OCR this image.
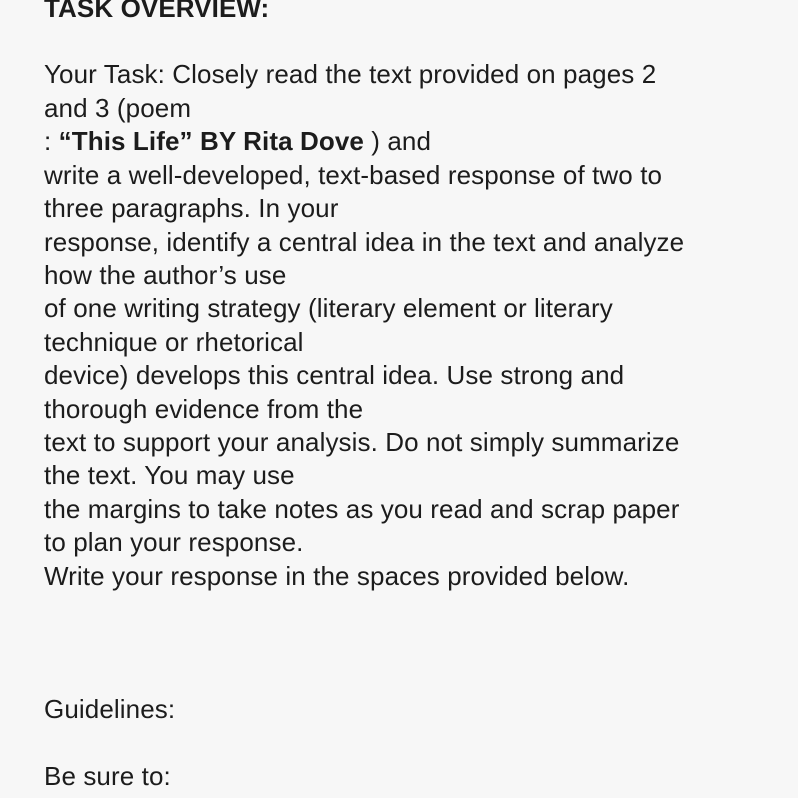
TASK OVERVIEW:
Your Task: Closely read the text provided on pages 2
and 3 (poem
: “This Life” BY Rita Dove ) and
write a well-developed, text-based response of two to
three paragraphs. In your
response, identify a central idea in the text and analyze
how the author’s use
of one writing strategy (literary element or literary
technique or rhetorical
device) develops this central idea. Use strong and
thorough evidence from the
text to support your analysis. Do not simply summarize
the text. You may use
the margins to take notes as you read and scrap paper
to plan your response.
Write your response in the spaces provided below.
Guidelines:
Be sure to:
